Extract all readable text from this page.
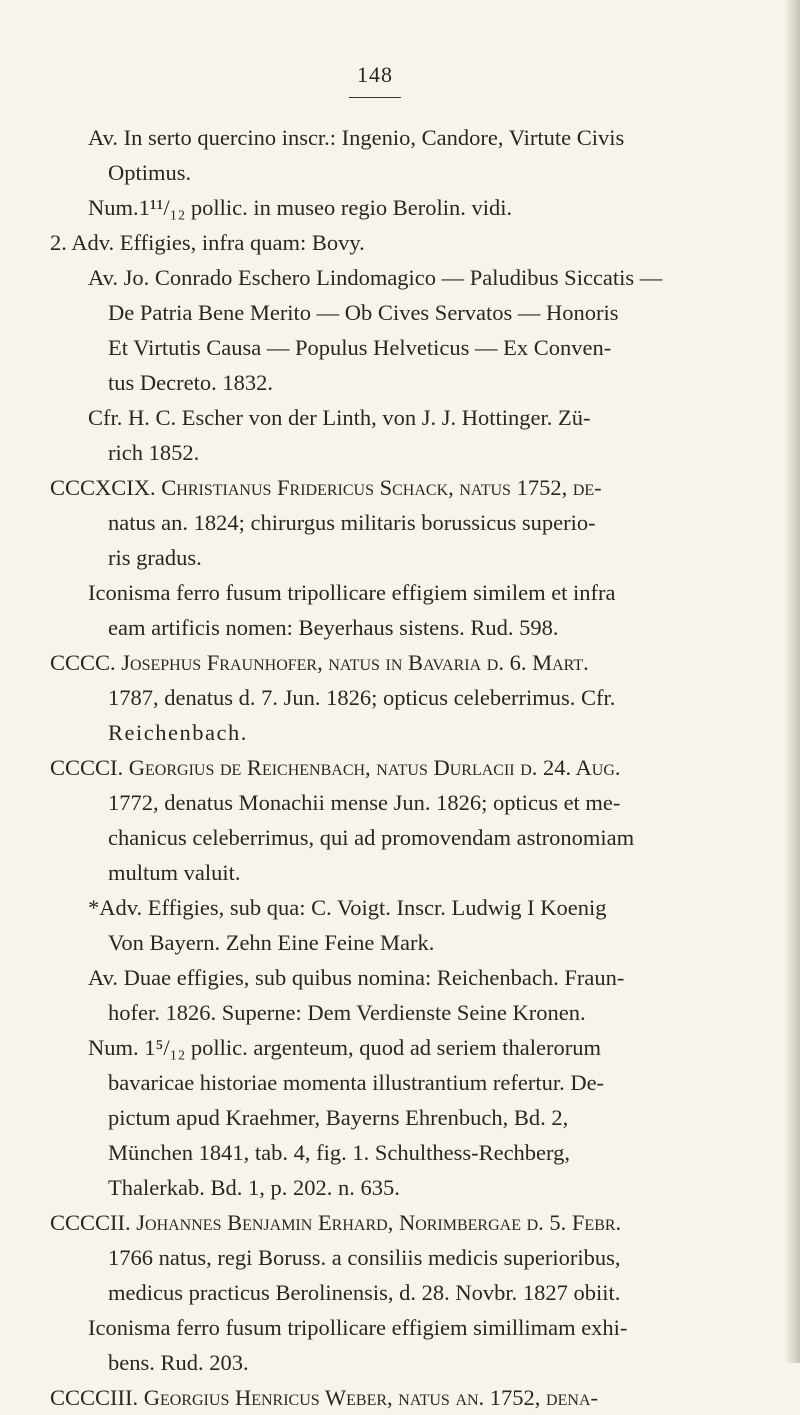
148
Av. In serto quercino inscr.: Ingenio, Candore, Virtute Civis
Optimus.
Num.1¹¹/₁₂ pollic. in museo regio Berolin. vidi.
2. Adv. Effigies, infra quam: Bovy.
Av. Jo. Conrado Eschero Lindomagico — Paludibus Siccatis —
De Patria Bene Merito — Ob Cives Servatos — Honoris
Et Virtutis Causa — Populus Helveticus — Ex Conven-
tus Decreto. 1832.
Cfr. H. C. Escher von der Linth, von J. J. Hottinger. Zü-
rich 1852.
CCCXCIX. Christianus Fridericus Schack, natus 1752, de-
natus an. 1824; chirurgus militaris borussicus superio-
ris gradus.
Iconisma ferro fusum tripollicare effigiem similem et infra
eam artificis nomen: Beyerhaus sistens. Rud. 598.
CCCC. Josephus Fraunhofer, natus in Bavaria d. 6. Mart.
1787, denatus d. 7. Jun. 1826; opticus celeberrimus. Cfr.
Reichenbach.
CCCCI. Georgius de Reichenbach, natus Durlacii d. 24. Aug.
1772, denatus Monachii mense Jun. 1826; opticus et me-
chanicus celeberrimus, qui ad promovendam astronomiam
multum valuit.
*Adv. Effigies, sub qua: C. Voigt. Inscr. Ludwig I Koenig
Von Bayern. Zehn Eine Feine Mark.
Av. Duae effigies, sub quibus nomina: Reichenbach. Fraun-
hofer. 1826. Superne: Dem Verdienste Seine Kronen.
Num. 1⁵/₁₂ pollic. argenteum, quod ad seriem thalerorum
bavaricae historiae momenta illustrantium refertur. De-
pictum apud Kraehmer, Bayerns Ehrenbuch, Bd. 2,
München 1841, tab. 4, fig. 1. Schulthess-Rechberg,
Thalerkab. Bd. 1, p. 202. n. 635.
CCCCII. Johannes Benjamin Erhard, Norimbergae d. 5. Febr.
1766 natus, regi Boruss. a consiliis medicis superioribus,
medicus practicus Berolinensis, d. 28. Novbr. 1827 obiit.
Iconisma ferro fusum tripollicare effigiem simillimam exhi-
bens. Rud. 203.
CCCCIII. Georgius Henricus Weber, natus an. 1752, dena-
